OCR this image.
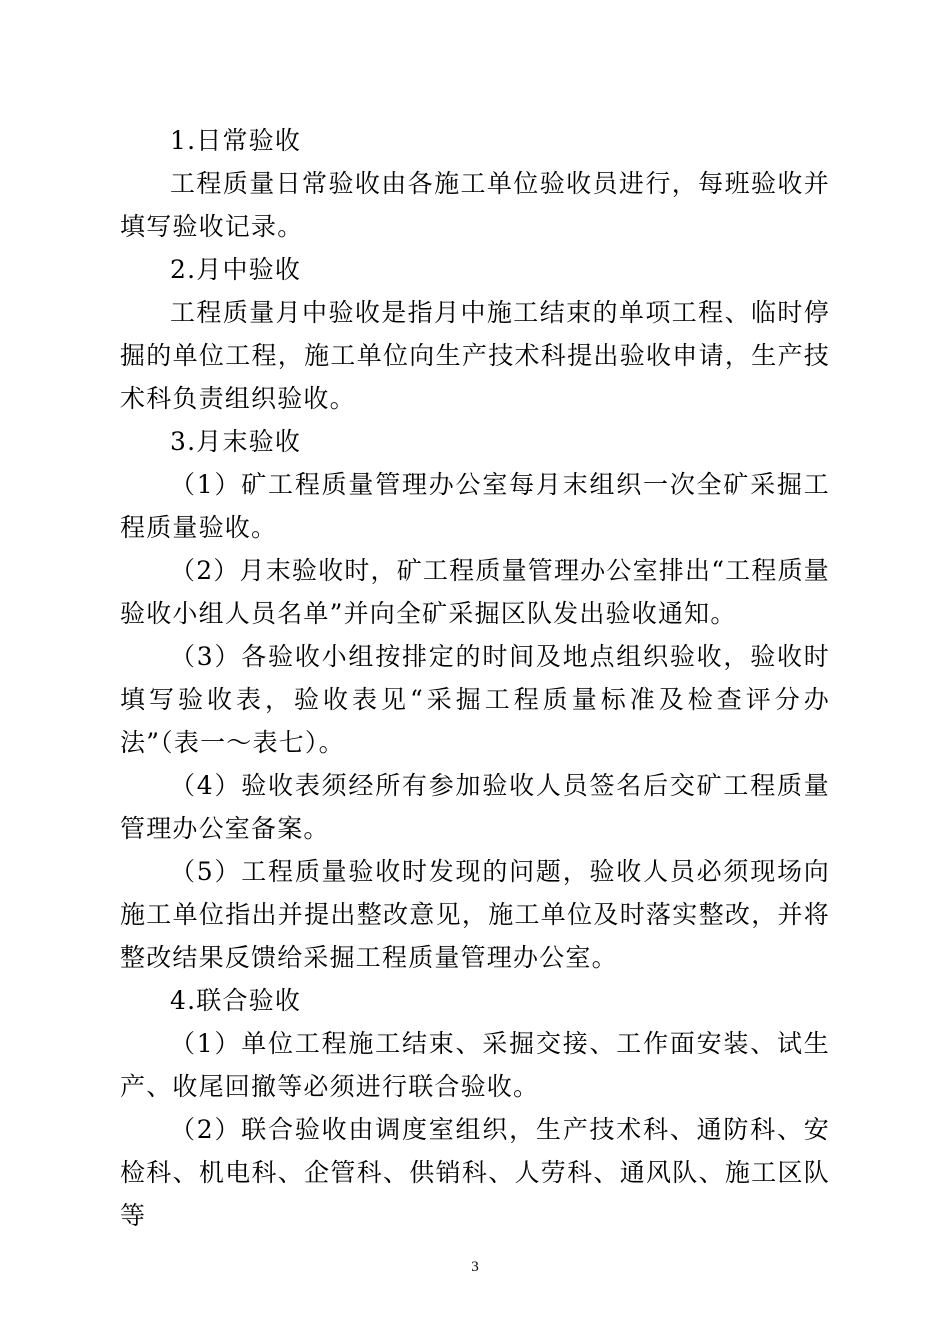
1.日常验收

工程质量日常验收由各施工单位验收员进行，每班验收并填写验收记录。

2.月中验收

工程质量月中验收是指月中施工结束的单项工程、临时停掘的单位工程，施工单位向生产技术科提出验收申请，生产技术科负责组织验收。

3.月末验收

（1）矿工程质量管理办公室每月末组织一次全矿采掘工程质量验收。

（2）月末验收时，矿工程质量管理办公室排出“工程质量验收小组人员名单”并向全矿采掘区队发出验收通知。

（3）各验收小组按排定的时间及地点组织验收，验收时填写验收表，验收表见“采掘工程质量标准及检查评分办法”（表一～表七）。

（4）验收表须经所有参加验收人员签名后交矿工程质量管理办公室备案。

（5）工程质量验收时发现的问题，验收人员必须现场向施工单位指出并提出整改意见，施工单位及时落实整改，并将整改结果反馈给采掘工程质量管理办公室。

4.联合验收

（1）单位工程施工结束、采掘交接、工作面安装、试生产、收尾回撤等必须进行联合验收。

（2）联合验收由调度室组织，生产技术科、通防科、安检科、机电科、企管科、供销科、人劳科、通风队、施工区队等

3
